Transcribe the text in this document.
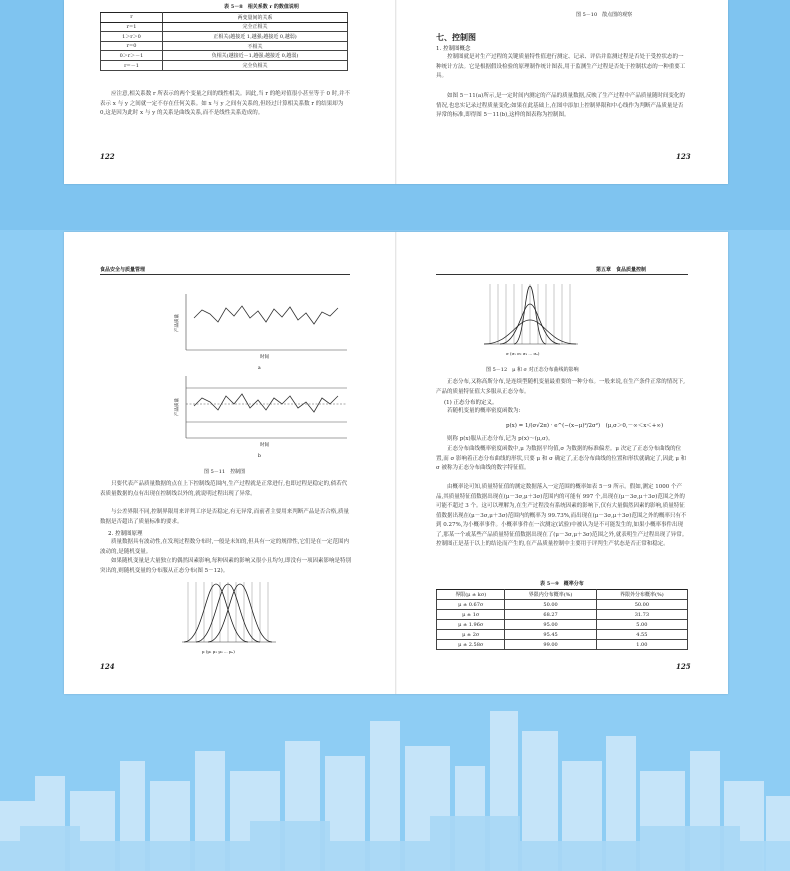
表 5－8　相关系数 r 的数值说明
r	两变量间的关系
r=1	完全正相关
1＞r＞0	正相关(越接近 1,越强;越接近 0,越弱)
r=0	不相关
0＞r＞－1	负相关(越接近－1,越强;越接近 0,越弱)
r=－1	完全负相关
应注意,相关系数 r 所表示的两个变量之间的线性相关。因此,当 r 的绝对值很小甚至等于 0 时,并不表示 x 与 y 之间就一定不存在任何关系。如 x 与 y 之间有关系的,但经过计算相关系数 r 的结果却为 0,这是因为此时 x 与 y 的关系是曲线关系,而不是线性关系造成的。
122
图 5－10　散点图的观察
七、控制图
1. 控制图概念
控制图就是对生产过程的关键质量特性值进行测定、记录、评估并监测过程是否处于受控状态的一种统计方法。它是根据假设检验的原理制作统计图表,用于监测生产过程是否处于控制状态的一种重要工具。
如图 5－11(a)所示,是一定时间内测定的产品的质量数据,反映了生产过程中产品质量随时间变化的情况,也忠实记录过程质量变化;如果在此基础上,在图中添加上控制界限和中心线作为判断产品质量是否异常的标准,即得图 5－11(b),这样的图表称为控制图。
123
食品安全与质量管理
产品质量
时间
a
产品质量
时间
b
图 5－11　控制图
只要代表产品质量数据的点在上下控制线范围内,生产过程就是正常进行,也即过程是稳定的,倘若代表质量数据的点有出现在控制线以外的,就说明过程出现了异常。
与公差界限不同,控制界限用来评判工序是否稳定,有无异常,而前者主要用来判断产品是否合格,质量数据是否超出了质量标准的要求。
2. 控制图原理
质量数据具有波动性,在发现过程数分布时,一般是未知的,但具有一定的规律性,它们是在一定范围内波动的,是随机变量。
如果随机变量是大量独立的偶然因素影响,每种因素的影响又很小且均匀,即没有一项因素影响是特别突出的,则随机变量的分布服从正态分布(图 5－12)。
μ (μ₁ μ₂ μ₃ ... μₙ)
124
第五章　食品质量控制
σ (σ₁ σ₂ σ₃ ... σₙ)
图 5－12　μ 和 σ 对正态分布曲线的影响
正态分布,又称高斯分布,是连续型随机变量最重要的一种分布。一般来说,在生产条件正常的情况下,产品的质量特征值大多服从正态分布。
(1) 正态分布的定义。
若随机变量的概率密度函数为:
p(x) = 1/(σ√2π) · e^(−(x−μ)²/2σ²)　(μ,σ＞0,－∞＜x＜+∞)
则称 p(x)服从正态分布,记为 p(x)～(μ,σ)。
正态分布曲线概率密度函数中,μ 为数据平均值,σ 为数据的标准偏差。μ 决定了正态分布曲线的位置,而 σ 影响着正态分布曲线的形状,只要 μ 和 σ 确定了,正态分布曲线的位置和形状就确定了,因此 μ 和 σ 被称为正态分布曲线的数字特征值。
由概率论可知,质量特征值的测定数据落入一定范围的概率如表 5－9 所示。假如,测定 1000 个产品,其质量特征值数据出现在(μ－3σ,μ＋3σ)范围内的可能有 997 个,出现在(μ－3σ,μ＋3σ)范围之外的可能不超过 3 个。这可以理解为,在生产过程没有系统因素的影响下,仅有大量偶然因素的影响,质量特征值数据出现在(μ－3σ,μ＋3σ)范围内的概率为 99.73%,而出现在(μ－3σ,μ＋3σ)范围之外的概率只有不到 0.27%,为小概率事件。小概率事件在一次测定(试验)中被认为是不可能发生的,如果小概率事件出现了,那某一个或某些产品质量特征值数据出现在了(μ－3σ,μ＋3σ)范围之外,就表明生产过程出现了异常。控制图正是基于以上的结论而产生的,在产品质量控制中主要用于评判生产状态是否正常和稳定。
125
表 5－9　概率分布
界限(μ ± kσ)	界限内分布概率(%)	界限外分布概率(%)
μ ± 0.67σ	50.00	50.00
μ ± 1σ	68.27	31.73
μ ± 1.96σ	95.00	5.00
μ ± 2σ	95.45	4.55
μ ± 2.58σ	99.00	1.00
